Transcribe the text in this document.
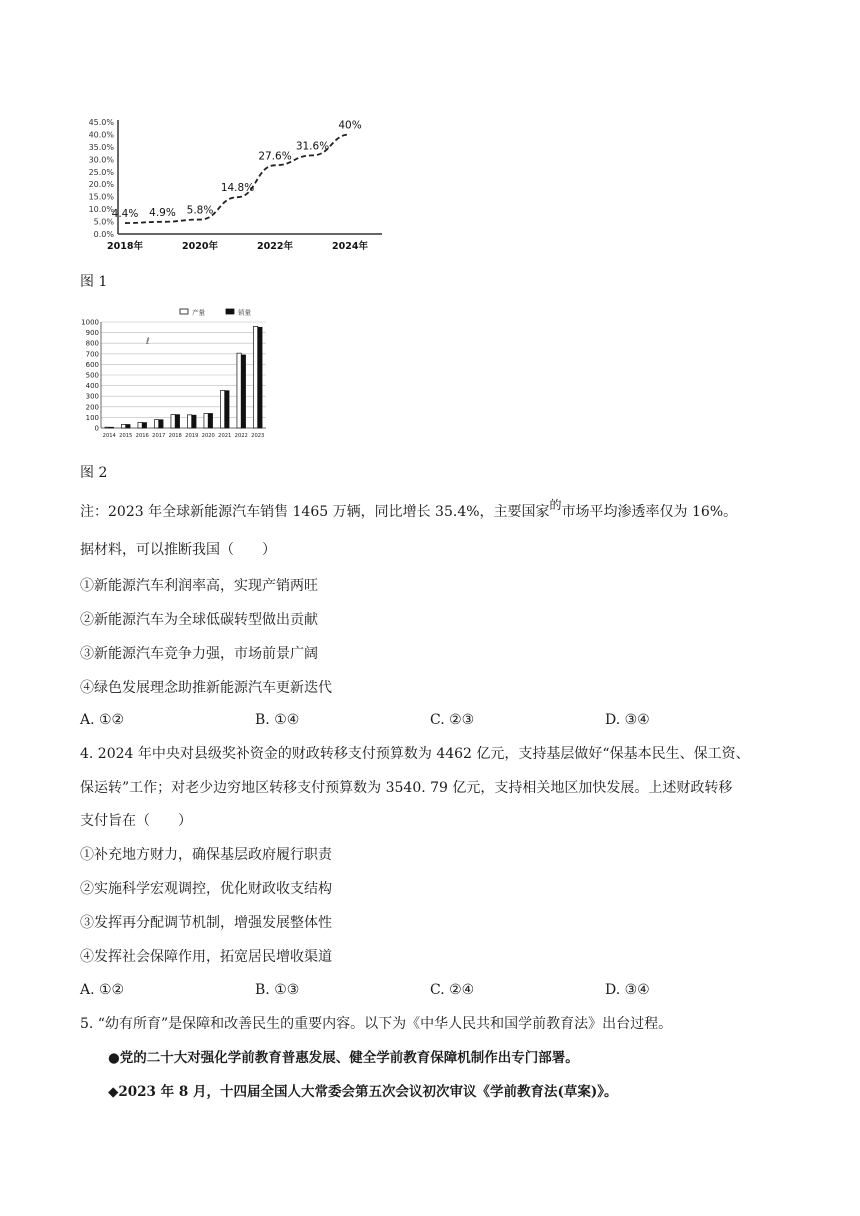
0.0%
5.0%
10.0%
15.0%
20.0%
25.0%
30.0%
35.0%
40.0%
45.0%
4.4% 4.9% 5.8%
14.8%
27.6%
31.6%
40%
2018年	2020年	2022年	2024年
图 1
产量	销量
0
100
200
300
400
500
600
700
800
900
1000
2014 2015 2016 2017 2018 2019 2020 2021 2022 2023
ℓ
图 2
注：2023 年全球新能源汽车销售 1465 万辆，同比增长 35.4%，主要国家的市场平均渗透率仅为 16%。
据材料，可以推断我国（　　）
①新能源汽车利润率高，实现产销两旺
②新能源汽车为全球低碳转型做出贡献
③新能源汽车竞争力强，市场前景广阔
④绿色发展理念助推新能源汽车更新迭代
A. ①②	B. ①④	C. ②③	D. ③④
4. 2024 年中央对县级奖补资金的财政转移支付预算数为 4462 亿元，支持基层做好“保基本民生、保工资、
保运转”工作；对老少边穷地区转移支付预算数为 3540. 79 亿元，支持相关地区加快发展。上述财政转移
支付旨在（　　）
①补充地方财力，确保基层政府履行职责
②实施科学宏观调控，优化财政收支结构
③发挥再分配调节机制，增强发展整体性
④发挥社会保障作用，拓宽居民增收渠道
A. ①②	B. ①③	C. ②④	D. ③④
5. “幼有所育”是保障和改善民生的重要内容。以下为《中华人民共和国学前教育法》出台过程。
●党的二十大对强化学前教育普惠发展、健全学前教育保障机制作出专门部署。
◆2023 年 8 月，十四届全国人大常委会第五次会议初次审议《学前教育法(草案)》。
